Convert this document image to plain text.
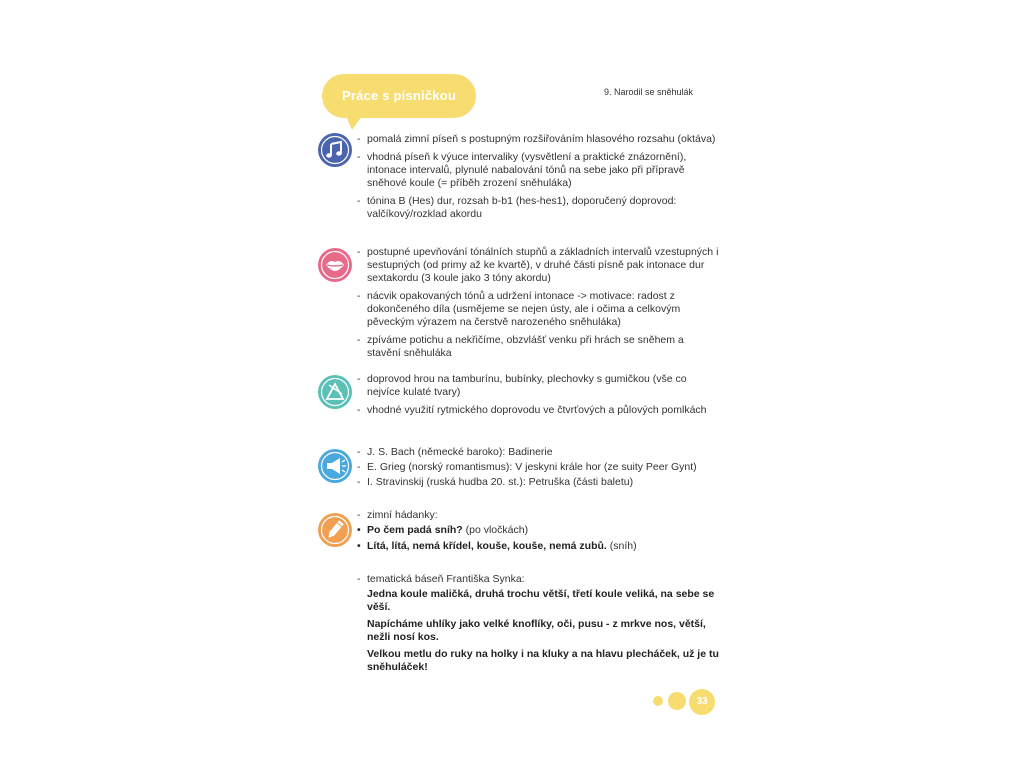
Práce s písničkou	9. Narodil se sněhulák
- pomalá zimní píseň s postupným rozšiřováním hlasového rozsahu (oktáva)
- vhodná píseň k výuce intervaliky (vysvětlení a praktické znázornění), intonace intervalů, plynulé nabalování tónů na sebe jako při přípravě sněhové koule (= příběh zrození sněhuláka)
- tónina B (Hes) dur, rozsah b-b1 (hes-hes1), doporučený doprovod: valčíkový/rozklad akordu
- postupné upevňování tónálních stupňů a základních intervalů vzestupných i sestupných (od primy až ke kvartě), v druhé části písně pak intonace dur sextakordu (3 koule jako 3 tóny akordu)
- nácvik opakovaných tónů a udržení intonace -> motivace: radost z dokončeného díla (usmějeme se nejen ústy, ale i očima a celkovým pěveckým výrazem na čerstvě narozeného sněhuláka)
- zpíváme potichu a nekřičíme, obzvlášť venku při hrách se sněhem a stavění sněhuláka
- doprovod hrou na tamburínu, bubínky, plechovky s gumičkou (vše co nejvíce kulaté tvary)
- vhodné využití rytmického doprovodu ve čtvrťových a půlových pomlkách
- J. S. Bach (německé baroko): Badinerie
- E. Grieg (norský romantismus): V jeskyni krále hor (ze suity Peer Gynt)
- I. Stravinskij (ruská hudba 20. st.): Petruška (části baletu)
- zimní hádanky:
• Po čem padá sníh? (po vločkách)
• Lítá, lítá, nemá křídel, kouše, kouše, nemá zubů. (sníh)
- tematická báseň Františka Synka:
Jedna koule maličká, druhá trochu větší, třetí koule veliká, na sebe se věší.
Napícháme uhlíky jako velké knoflíky, oči, pusu - z mrkve nos, větší, nežli nosí kos.
Velkou metlu do ruky na holky i na kluky a na hlavu plecháček, už je tu sněhuláček!
33
